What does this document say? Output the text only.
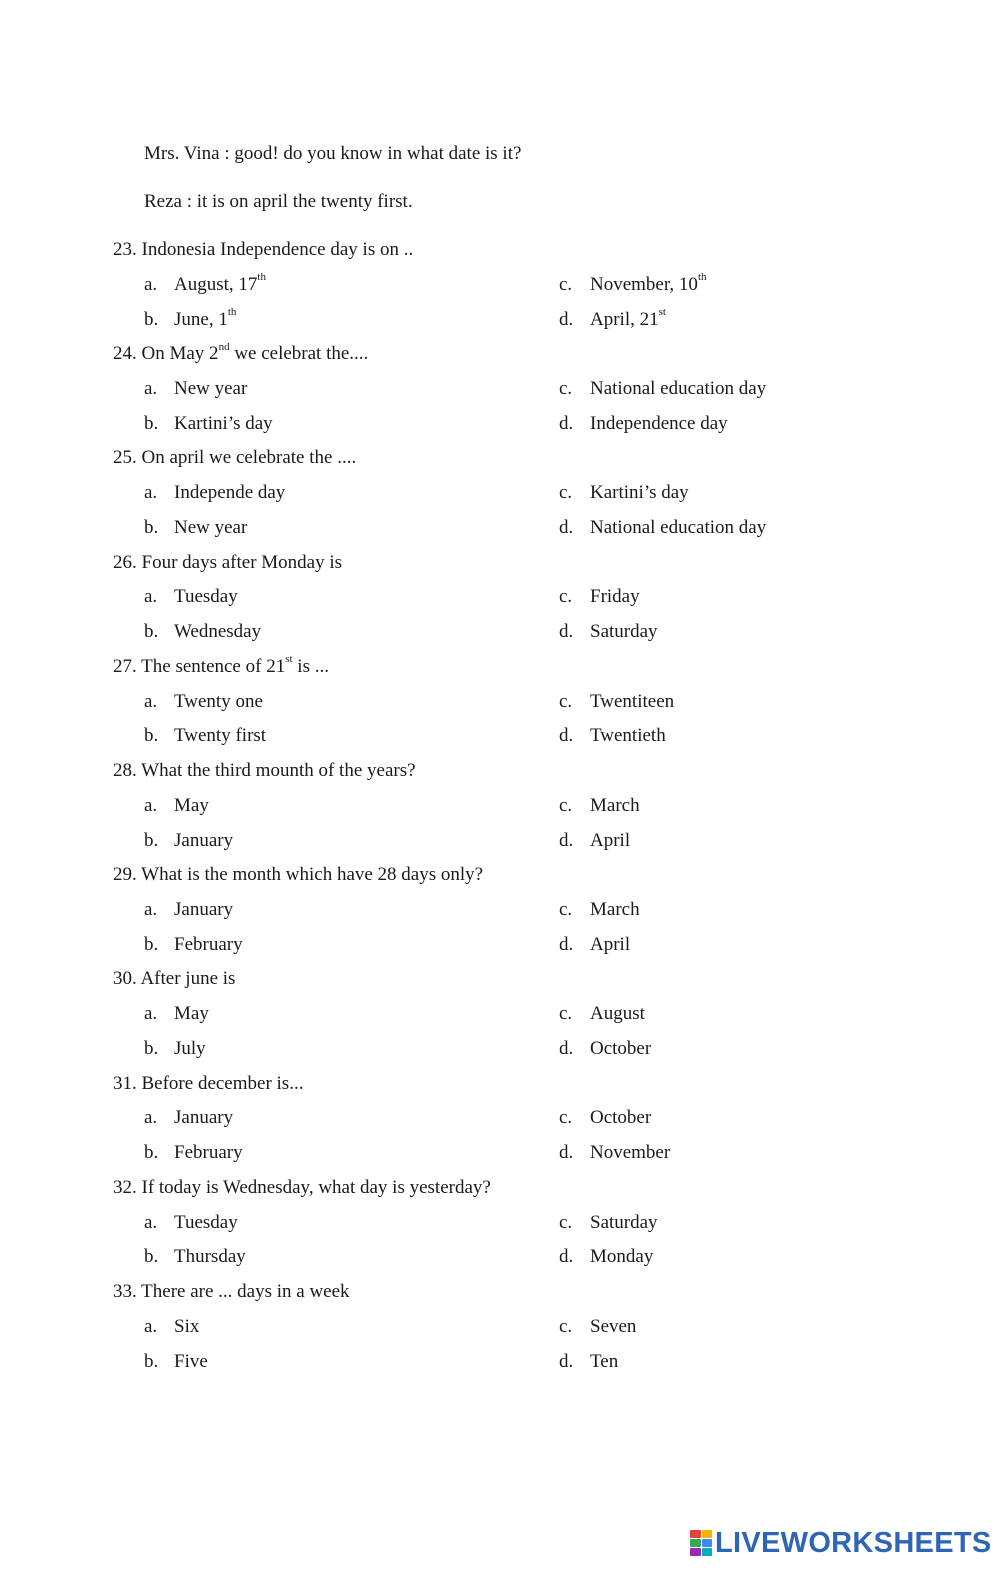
Mrs. Vina : good! do you know in what date is it?
Reza : it is on april the twenty first.
23. Indonesia Independence day is on ..
a. August, 17th
b. June, 1th
c. November, 10th
d. April, 21st
24. On May 2nd we celebrat the....
a. New year
b. Kartini’s day
c. National education day
d. Independence day
25. On april we celebrate the ....
a. Independe day
b. New year
c. Kartini’s day
d. National education day
26. Four days after Monday is
a. Tuesday
b. Wednesday
c. Friday
d. Saturday
27. The sentence of 21st is ...
a. Twenty one
b. Twenty first
c. Twentiteen
d. Twentieth
28. What the third mounth of the years?
a. May
b. January
c. March
d. April
29. What is the month which have 28 days only?
a. January
b. February
c. March
d. April
30. After june is
a. May
b. July
c. August
d. October
31. Before december is...
a. January
b. February
c. October
d. November
32. If today is Wednesday, what day is yesterday?
a. Tuesday
b. Thursday
c. Saturday
d. Monday
33. There are ... days in a week
a. Six
b. Five
c. Seven
d. Ten
LIVEWORKSHEETS
